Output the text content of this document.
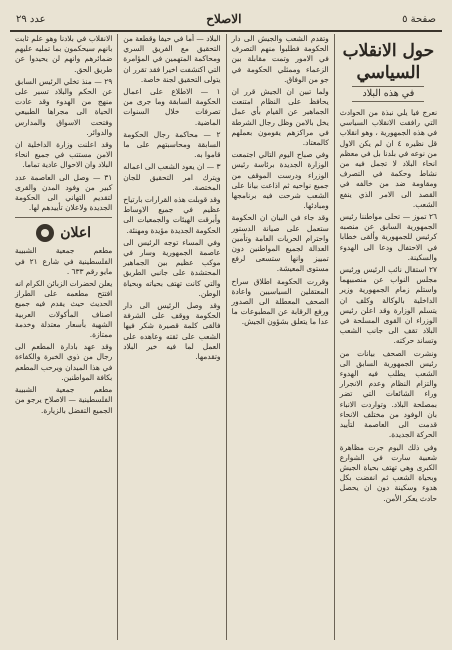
صفحة ٥
الاصلاح
عدد ٢٩
حول الانقلاب السياسي
في هذه البلاد

نعرج فيا يلي نبذة من الحوادث التي رافقت الانقلاب السياسي في هذه الجمهورية ، وهو انقلاب قل نظيره ٤ ان لم يكن الاول من نوعه في بلدنا بل في معظم انحاء البلاد لا تجمل فيه من نشاط وحكمة في التصرف ومقاومة ضد من خالفه في القصد الى الامر الذي ينفع الشعب.

٢٦ تموز — تحلى مواطننا رئيس الجمهورية السابق عن منصبه كرئيس للجمهورية وألقى خطابا في الاحتفال ودعا الى الهدوء والسكينة.

٢٧ استقال نائب الرئيس ورئيس مجلس النواب عن منصبيهما واستلم زمام الجمهورية وزير الداخلية بالوكالة وكلف ان يتسلم الوزارة وقد اعلن رئيس الوزراء ان القوى المسلحة في البلاد تقف الى جانب الشعب وتساند حركته.

ونشرت الصحف بيانات من رئيس الجمهورية السابق الى الشعب يطلب فيه الهدوء والتزام النظام وعدم الانجرار وراء الشائعات التي تضر بمصلحة البلاد. وتواردت الانباء بان الوفود من مختلف الانحاء قدمت الى العاصمة لتأييد الحركة الجديدة.

وفي ذلك اليوم جرت مظاهرة شعبية سارت في الشوارع الكبرى وهي تهتف بحياة الجيش وبحياة الشعب ثم انفضت بكل هدوء وسكينة دون ان يحصل حادث يعكر الأمن.

وتقدم الشعب والجيش الى دار الحكومة فطلبوا منهم التصرف في الامور وتمت مقابلة بين الزعماء وممثلي الحكومة في جو من الوفاق.

ولما تبين ان الجيش قرر ان يحافظ على النظام امتنعت الجماهير عن القيام بأي عمل يخل بالامن وظل رجال الشرطة في مراكزهم يقومون بعملهم كالمعتاد.

وفي صباح اليوم التالي اجتمعت الوزارة الجديدة برئاسة رئيس الوزراء ودرست الموقف من جميع نواحيه ثم اذاعت بيانا على الشعب شرحت فيه برنامجها ومبادئها.

وقد جاء في البيان ان الحكومة ستعمل على صيانة الدستور واحترام الحريات العامة وتأمين العدالة لجميع المواطنين دون تمييز وانها ستسعى لرفع مستوى المعيشة.

وقررت الحكومة اطلاق سراح المعتقلين السياسيين واعادة الصحف المعطلة الى الصدور ورفع الرقابة عن المطبوعات ما عدا ما يتعلق بشؤون الجيش.

البلاد — أما في حيفا وقطعة من التحقيق مع الفريق السري ومحاكمة المتهمين في المؤامرة التي اكتشفت اخيرا فقد تقرر ان يتولى التحقيق لجنة خاصة.

١ — الاطلاع على اعمال الحكومة السابقة وما جرى من تصرفات خلال السنوات الماضية.

٢ — محاكمة رجال الحكومة السابقة ومحاسبتهم على ما قاموا به.

٣ — ان يعود الشعب الى اعماله ويترك امر التحقيق للجان المختصة.

وقد قوبلت هذه القرارات بارتياح عظيم في جميع الاوساط وأبرقت الهيئات والجمعيات الى الحكومة الجديدة مؤيدة ومهنئة.

وفي المساء توجه الرئيس الى عاصمة الجمهورية وسار في موكب عظيم بين الجماهير المحتشدة على جانبي الطريق والتي كانت تهتف بحياته وبحياة الوطن.

وقد وصل الرئيس الى دار الحكومة ووقف على الشرفة فالقى كلمة قصيرة شكر فيها الشعب على ثقته وعاهده على العمل لما فيه خير البلاد وتقدمها.

الانقلاب في بلادنا وهو علم ثابت بانهم سيحكمون بما تمليه عليهم ضمائرهم وانهم لن يحيدوا عن طريق الحق.

٢٩ — منذ تخلي الرئيس السابق عن الحكم والبلاد تسير على منهج من الهدوء وقد عادت الحياة الى مجراها الطبيعي وفتحت الاسواق والمدارس والدوائر.

وقد اعلنت وزارة الداخلية ان الامن مستتب في جميع انحاء البلاد وان الاحوال عادية تماما.

٣١ — وصل الى العاصمة عدد كبير من وفود المدن والقرى لتقديم التهاني الى الحكومة الجديدة ولاعلان تأييدهم لها.

اعلان

مطعم جمعية الشبيبة الفلسطينية في شارع ٢١ في مايو رقم ٦٣٣ .

يعلن لحضرات الزبائن الكرام انه افتتح مطعمه على الطراز الحديث حيث يقدم فيه جميع اصناف المأكولات العربية الشهية بأسعار معتدلة وخدمة ممتازة.

وقد عهد بادارة المطعم الى رجال من ذوي الخبرة والكفاءة في هذا الميدان ويرحب المطعم بكافة المواطنين.

مطعم جمعية الشبيبة الفلسطينية — الاصلاح يرجو من الجميع التفضل بالزيارة.
